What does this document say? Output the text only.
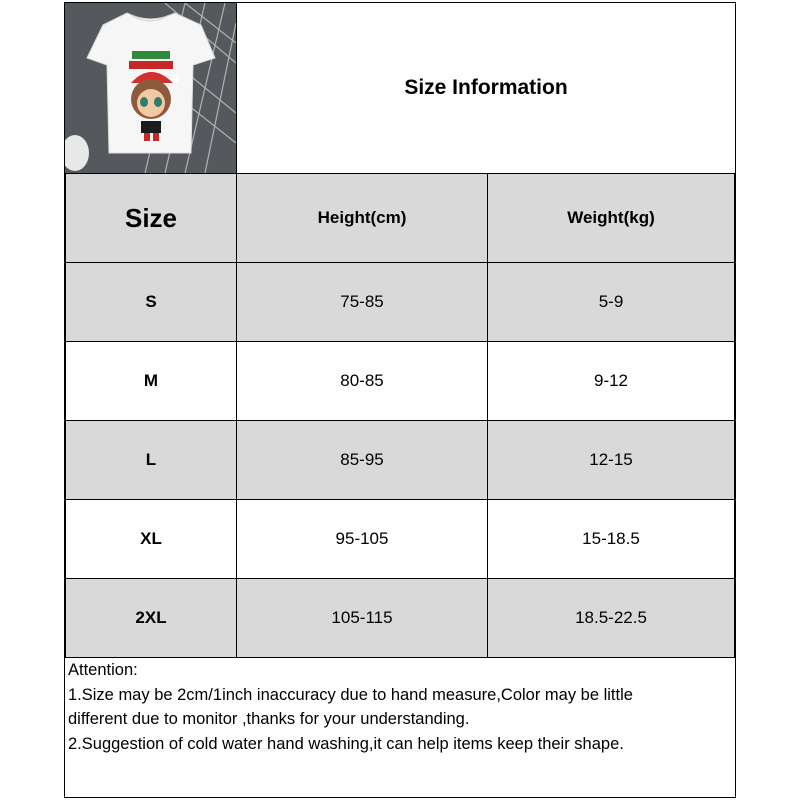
Size Information
Size	Height(cm)	Weight(kg)
S	75-85	5-9
M	80-85	9-12
L	85-95	12-15
XL	95-105	15-18.5
2XL	105-115	18.5-22.5
Attention:
1.Size may be 2cm/1inch inaccuracy due to hand measure,Color may be little
different due to monitor ,thanks for your understanding.
2.Suggestion of cold water hand washing,it can help items keep their shape.
